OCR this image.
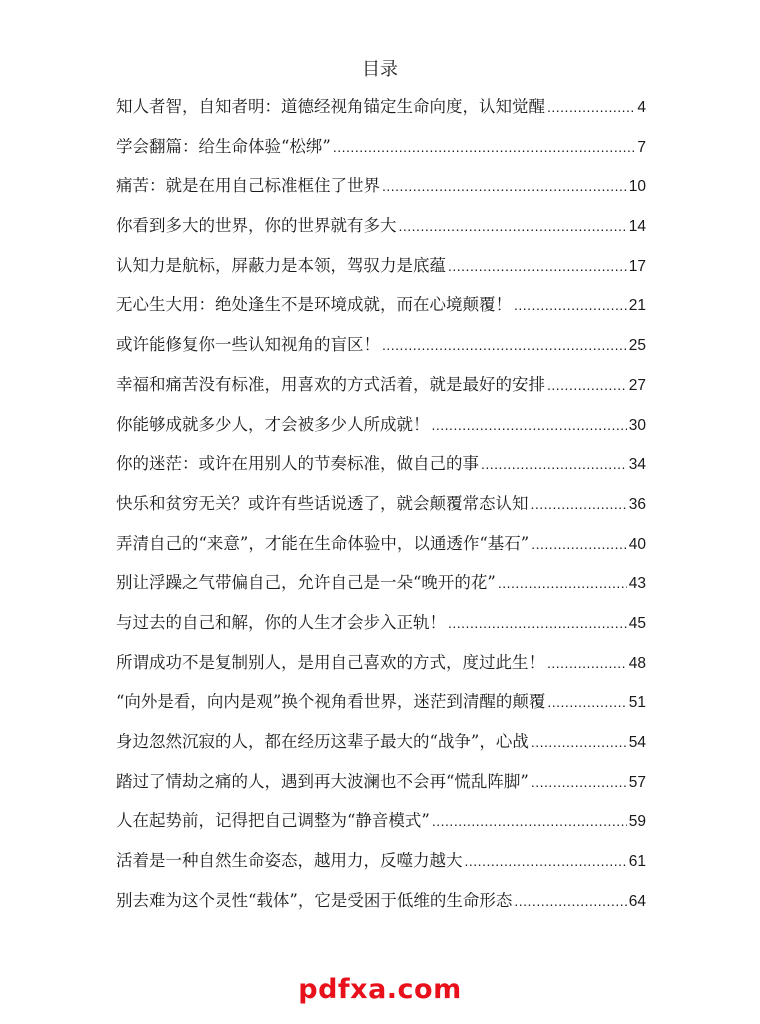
目录
知人者智，自知者明：道德经视角锚定生命向度，认知觉醒 .....	4
学会翻篇：给生命体验“松绑” .....	7
痛苦：就是在用自己标准框住了世界 .....	10
你看到多大的世界，你的世界就有多大 .....	14
认知力是航标，屏蔽力是本领，驾驭力是底蕴 .....	17
无心生大用：绝处逢生不是环境成就，而在心境颠覆！ .....	21
或许能修复你一些认知视角的盲区！ .....	25
幸福和痛苦没有标准，用喜欢的方式活着，就是最好的安排 .....	27
你能够成就多少人，才会被多少人所成就！ .....	30
你的迷茫：或许在用别人的节奏标准，做自己的事 .....	34
快乐和贫穷无关？或许有些话说透了，就会颠覆常态认知 .....	36
弄清自己的“来意”，才能在生命体验中，以通透作“基石” .....	40
别让浮躁之气带偏自己，允许自己是一朵“晚开的花” .....	43
与过去的自己和解，你的人生才会步入正轨！ .....	45
所谓成功不是复制别人，是用自己喜欢的方式，度过此生！ .....	48
“向外是看，向内是观”换个视角看世界，迷茫到清醒的颠覆 .....	51
身边忽然沉寂的人，都在经历这辈子最大的“战争”，心战 .....	54
踏过了情劫之痛的人，遇到再大波澜也不会再“慌乱阵脚” .....	57
人在起势前，记得把自己调整为“静音模式” .....	59
活着是一种自然生命姿态，越用力，反噬力越大 .....	61
别去难为这个灵性“载体”，它是受困于低维的生命形态 .....	64
pdfxa.com
